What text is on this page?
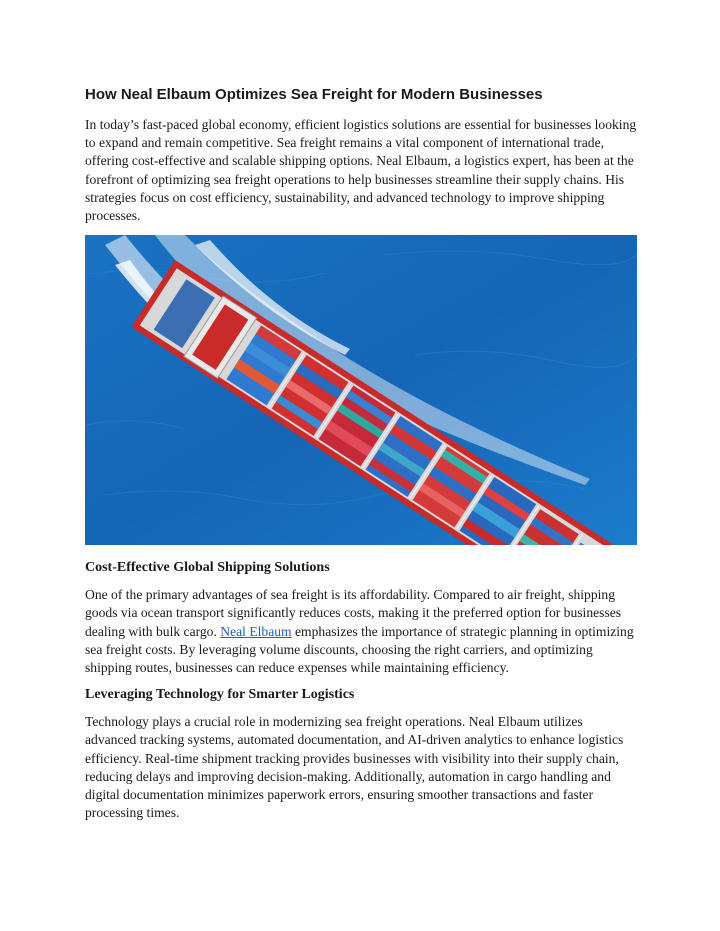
How Neal Elbaum Optimizes Sea Freight for Modern Businesses

In today’s fast-paced global economy, efficient logistics solutions are essential for businesses looking to expand and remain competitive. Sea freight remains a vital component of international trade, offering cost-effective and scalable shipping options. Neal Elbaum, a logistics expert, has been at the forefront of optimizing sea freight operations to help businesses streamline their supply chains. His strategies focus on cost efficiency, sustainability, and advanced technology to improve shipping processes.

Cost-Effective Global Shipping Solutions

One of the primary advantages of sea freight is its affordability. Compared to air freight, shipping goods via ocean transport significantly reduces costs, making it the preferred option for businesses dealing with bulk cargo. Neal Elbaum emphasizes the importance of strategic planning in optimizing sea freight costs. By leveraging volume discounts, choosing the right carriers, and optimizing shipping routes, businesses can reduce expenses while maintaining efficiency.

Leveraging Technology for Smarter Logistics

Technology plays a crucial role in modernizing sea freight operations. Neal Elbaum utilizes advanced tracking systems, automated documentation, and AI-driven analytics to enhance logistics efficiency. Real-time shipment tracking provides businesses with visibility into their supply chain, reducing delays and improving decision-making. Additionally, automation in cargo handling and digital documentation minimizes paperwork errors, ensuring smoother transactions and faster processing times.
